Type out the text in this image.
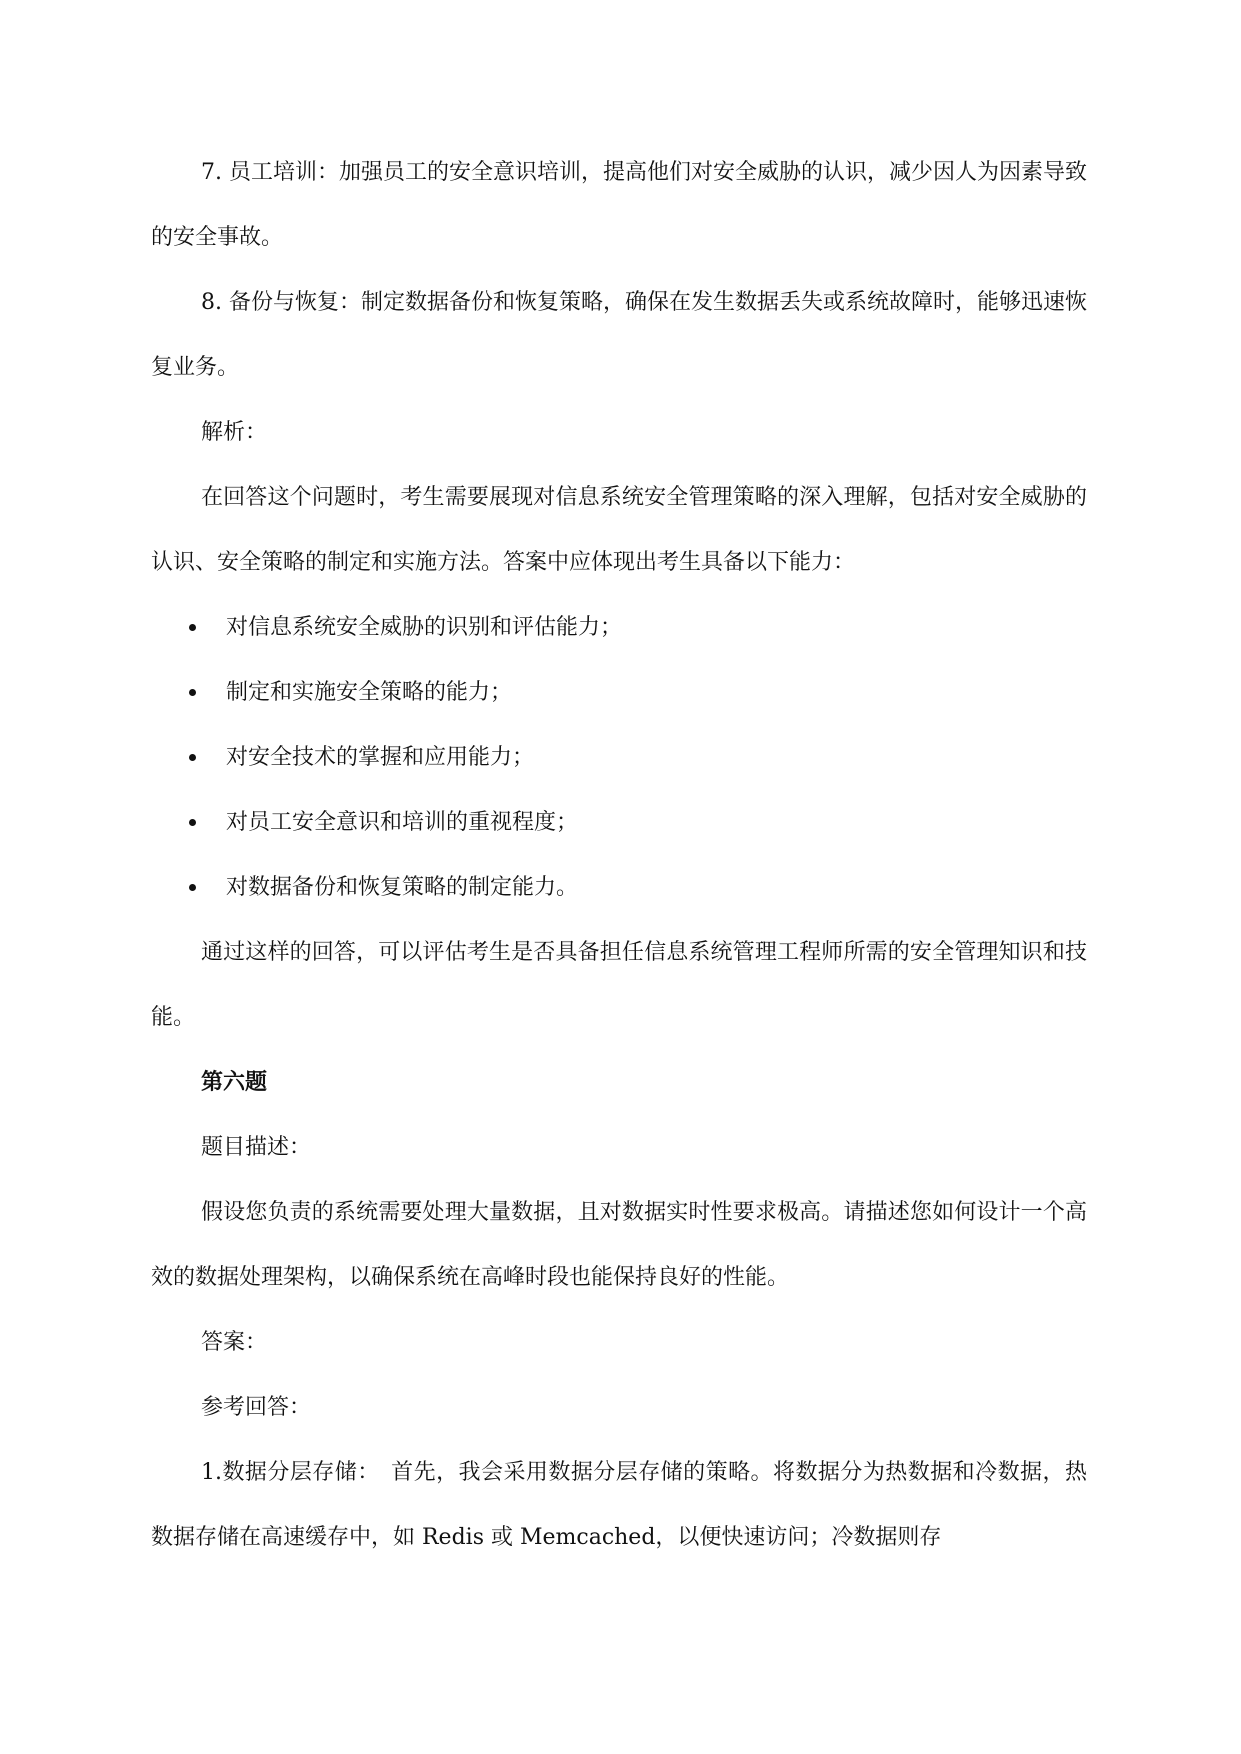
7. 员工培训：加强员工的安全意识培训，提高他们对安全威胁的认识，减少因人为因素导致的安全事故。

8. 备份与恢复：制定数据备份和恢复策略，确保在发生数据丢失或系统故障时，能够迅速恢复业务。

解析：

在回答这个问题时，考生需要展现对信息系统安全管理策略的深入理解，包括对安全威胁的认识、安全策略的制定和实施方法。答案中应体现出考生具备以下能力：

对信息系统安全威胁的识别和评估能力；
制定和实施安全策略的能力；
对安全技术的掌握和应用能力；
对员工安全意识和培训的重视程度；
对数据备份和恢复策略的制定能力。

通过这样的回答，可以评估考生是否具备担任信息系统管理工程师所需的安全管理知识和技能。

第六题

题目描述：

假设您负责的系统需要处理大量数据，且对数据实时性要求极高。请描述您如何设计一个高效的数据处理架构，以确保系统在高峰时段也能保持良好的性能。

答案：

参考回答：

1.数据分层存储：　首先，我会采用数据分层存储的策略。将数据分为热数据和冷数据，热数据存储在高速缓存中，如 Redis 或 Memcached，以便快速访问；冷数据则存
